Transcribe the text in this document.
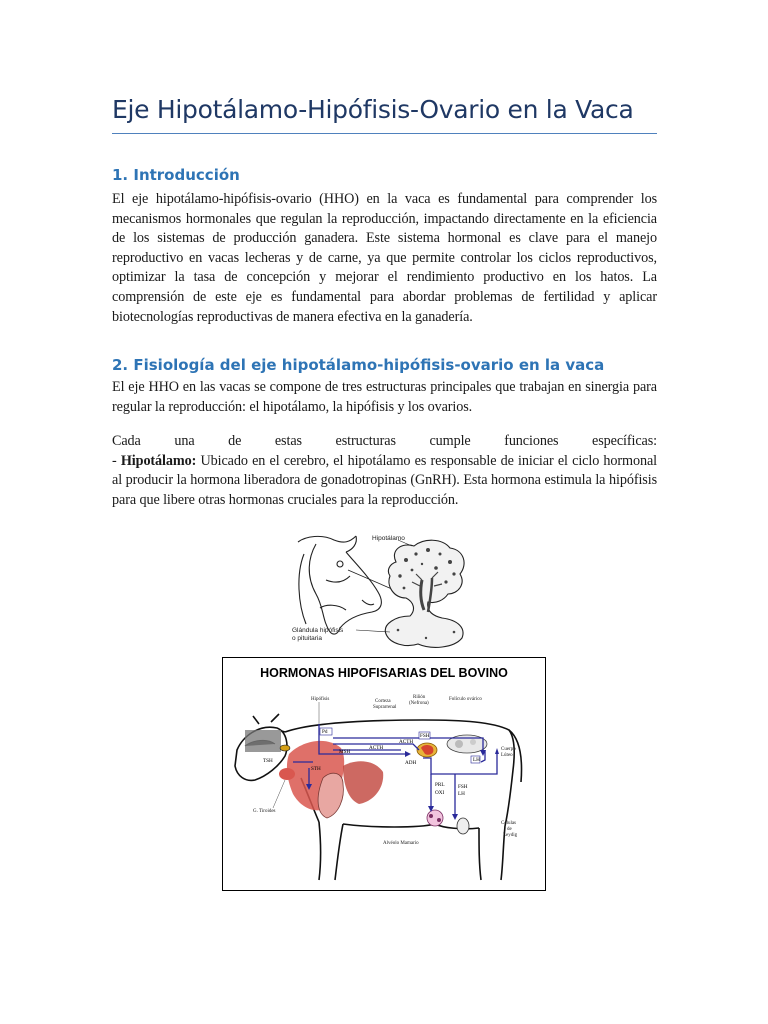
Eje Hipotálamo-Hipófisis-Ovario en la Vaca
1. Introducción

El eje hipotálamo-hipófisis-ovario (HHO) en la vaca es fundamental para comprender los mecanismos hormonales que regulan la reproducción, impactando directamente en la eficiencia de los sistemas de producción ganadera. Este sistema hormonal es clave para el manejo reproductivo en vacas lecheras y de carne, ya que permite controlar los ciclos reproductivos, optimizar la tasa de concepción y mejorar el rendimiento productivo en los hatos. La comprensión de este eje es fundamental para abordar problemas de fertilidad y aplicar biotecnologías reproductivas de manera efectiva en la ganadería.

2. Fisiología del eje hipotálamo-hipófisis-ovario en la vaca

El eje HHO en las vacas se compone de tres estructuras principales que trabajan en sinergia para regular la reproducción: el hipotálamo, la hipófisis y los ovarios.

Cada una de estas estructuras cumple funciones específicas:
- Hipotálamo: Ubicado en el cerebro, el hipotálamo es responsable de iniciar el ciclo hormonal al producir la hormona liberadora de gonadotropinas (GnRH). Esta hormona estimula la hipófisis para que libere otras hormonas cruciales para la reproducción.

Hipotálamo
Glándula hipófisis
o pituitaria
HORMONAS HIPOFISARIAS DEL BOVINO
Pd
MSH
ACTH
ACTH
ADH
FSH
LH
TSH
STH
PRL
OXI
FSH
LH
Hipófisis	Corteza
Suprarrenal
Riñón
(Nefrona)
Folículo ovárico
Cuerpo
Lúteo
G. Tiroides
Alvéolo Mamario
Células
de
Leydig
